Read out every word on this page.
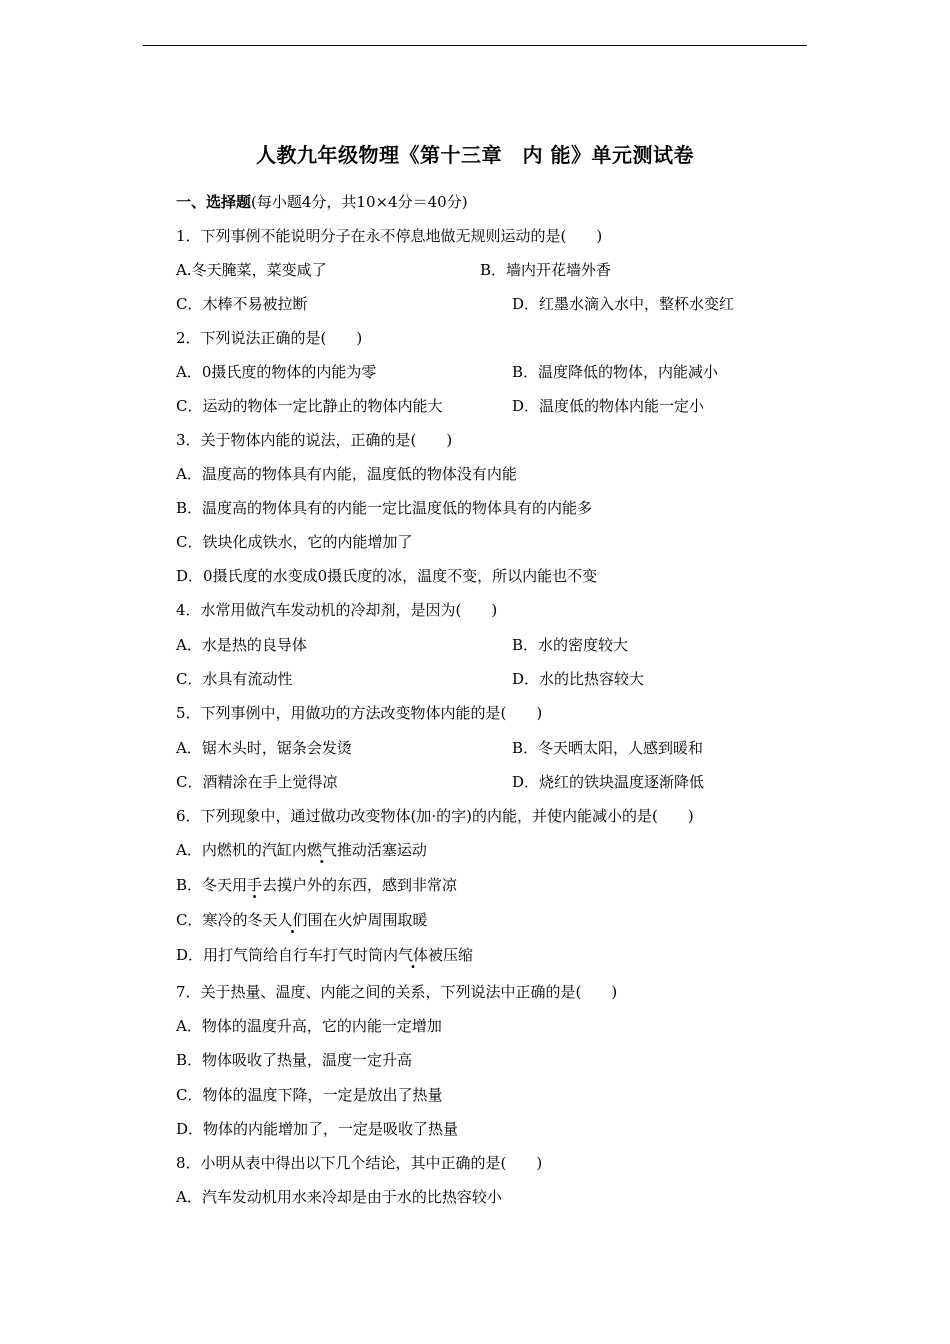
人教九年级物理《第十三章　内 能》单元测试卷
一、选择题(每小题4分，共10×4分＝40分)
1．下列事例不能说明分子在永不停息地做无规则运动的是(　　)
A.冬天腌菜，菜变咸了	B．墙内开花墙外香
C．木棒不易被拉断	D．红墨水滴入水中，整杯水变红
2．下列说法正确的是(　　)
A．0摄氏度的物体的内能为零	B．温度降低的物体，内能减小
C．运动的物体一定比静止的物体内能大	D．温度低的物体内能一定小
3．关于物体内能的说法，正确的是(　　)
A．温度高的物体具有内能，温度低的物体没有内能
B．温度高的物体具有的内能一定比温度低的物体具有的内能多
C．铁块化成铁水，它的内能增加了
D．0摄氏度的水变成0摄氏度的冰，温度不变，所以内能也不变
4．水常用做汽车发动机的冷却剂，是因为(　　)
A．水是热的良导体	B．水的密度较大
C．水具有流动性	D．水的比热容较大
5．下列事例中，用做功的方法改变物体内能的是(　　)
A．锯木头时，锯条会发烫	B．冬天晒太阳，人感到暖和
C．酒精涂在手上觉得凉	D．烧红的铁块温度逐渐降低
6．下列现象中，通过做功改变物体(加·的字)的内能，并使内能减小的是(　　)
A．内燃机的汽缸内燃气推动活塞运动
B．冬天用手去摸户外的东西，感到非常凉
C．寒冷的冬天人们围在火炉周围取暖
D．用打气筒给自行车打气时筒内气体被压缩
7．关于热量、温度、内能之间的关系，下列说法中正确的是(　　)
A．物体的温度升高，它的内能一定增加
B．物体吸收了热量，温度一定升高
C．物体的温度下降，一定是放出了热量
D．物体的内能增加了，一定是吸收了热量
8．小明从表中得出以下几个结论，其中正确的是(　　)
A．汽车发动机用水来冷却是由于水的比热容较小
